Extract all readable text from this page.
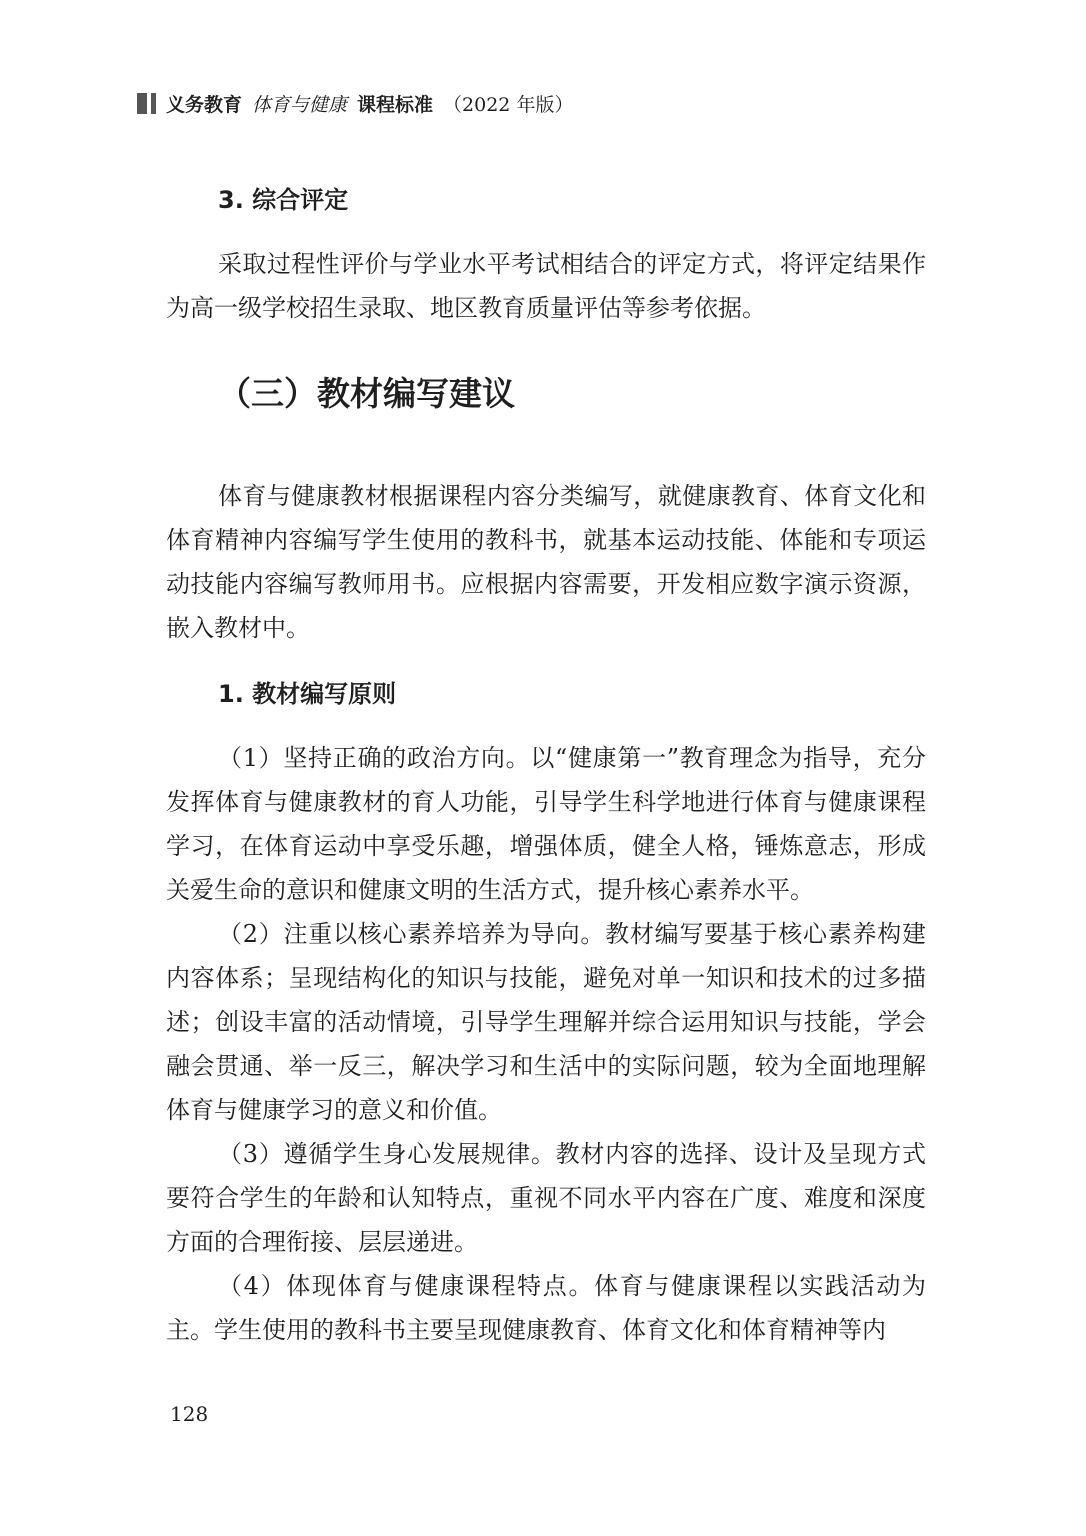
义务教育 体育与健康 课程标准 （2022 年版）
3. 综合评定

采取过程性评价与学业水平考试相结合的评定方式，将评定结果作为高一级学校招生录取、地区教育质量评估等参考依据。

（三）教材编写建议

体育与健康教材根据课程内容分类编写，就健康教育、体育文化和体育精神内容编写学生使用的教科书，就基本运动技能、体能和专项运动技能内容编写教师用书。应根据内容需要，开发相应数字演示资源，嵌入教材中。

1. 教材编写原则

（1）坚持正确的政治方向。以“健康第一”教育理念为指导，充分发挥体育与健康教材的育人功能，引导学生科学地进行体育与健康课程学习，在体育运动中享受乐趣，增强体质，健全人格，锤炼意志，形成关爱生命的意识和健康文明的生活方式，提升核心素养水平。

（2）注重以核心素养培养为导向。教材编写要基于核心素养构建内容体系；呈现结构化的知识与技能，避免对单一知识和技术的过多描述；创设丰富的活动情境，引导学生理解并综合运用知识与技能，学会融会贯通、举一反三，解决学习和生活中的实际问题，较为全面地理解体育与健康学习的意义和价值。

（3）遵循学生身心发展规律。教材内容的选择、设计及呈现方式要符合学生的年龄和认知特点，重视不同水平内容在广度、难度和深度方面的合理衔接、层层递进。

（4）体现体育与健康课程特点。体育与健康课程以实践活动为主。学生使用的教科书主要呈现健康教育、体育文化和体育精神等内

128
